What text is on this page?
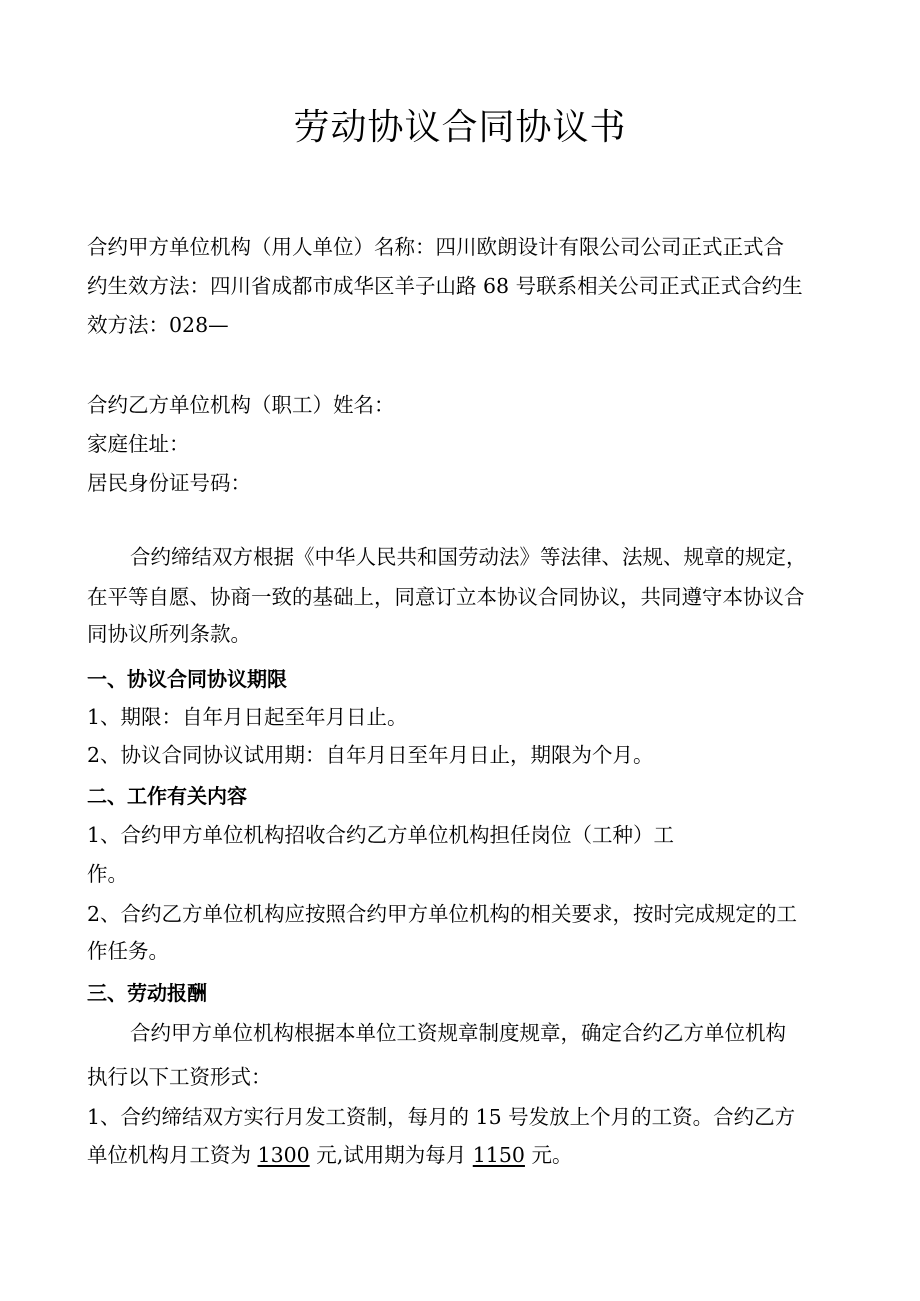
劳动协议合同协议书
合约甲方单位机构（用人单位）名称：四川欧朗设计有限公司公司正式正式合
约生效方法：四川省成都市成华区羊子山路 68 号联系相关公司正式正式合约生
效方法：028—
合约乙方单位机构（职工）姓名：
家庭住址：
居民身份证号码：
合约缔结双方根据《中华人民共和国劳动法》等法律、法规、规章的规定，
在平等自愿、协商一致的基础上，同意订立本协议合同协议，共同遵守本协议合
同协议所列条款。
一、协议合同协议期限
1、期限：自年月日起至年月日止。
2、协议合同协议试用期：自年月日至年月日止，期限为个月。
二、工作有关内容
1、合约甲方单位机构招收合约乙方单位机构担任岗位（工种）工
作。
2、合约乙方单位机构应按照合约甲方单位机构的相关要求，按时完成规定的工
作任务。
三、劳动报酬
合约甲方单位机构根据本单位工资规章制度规章，确定合约乙方单位机构
执行以下工资形式：
1、合约缔结双方实行月发工资制，每月的 15 号发放上个月的工资。合约乙方
单位机构月工资为 1300 元,试用期为每月 1150 元。
